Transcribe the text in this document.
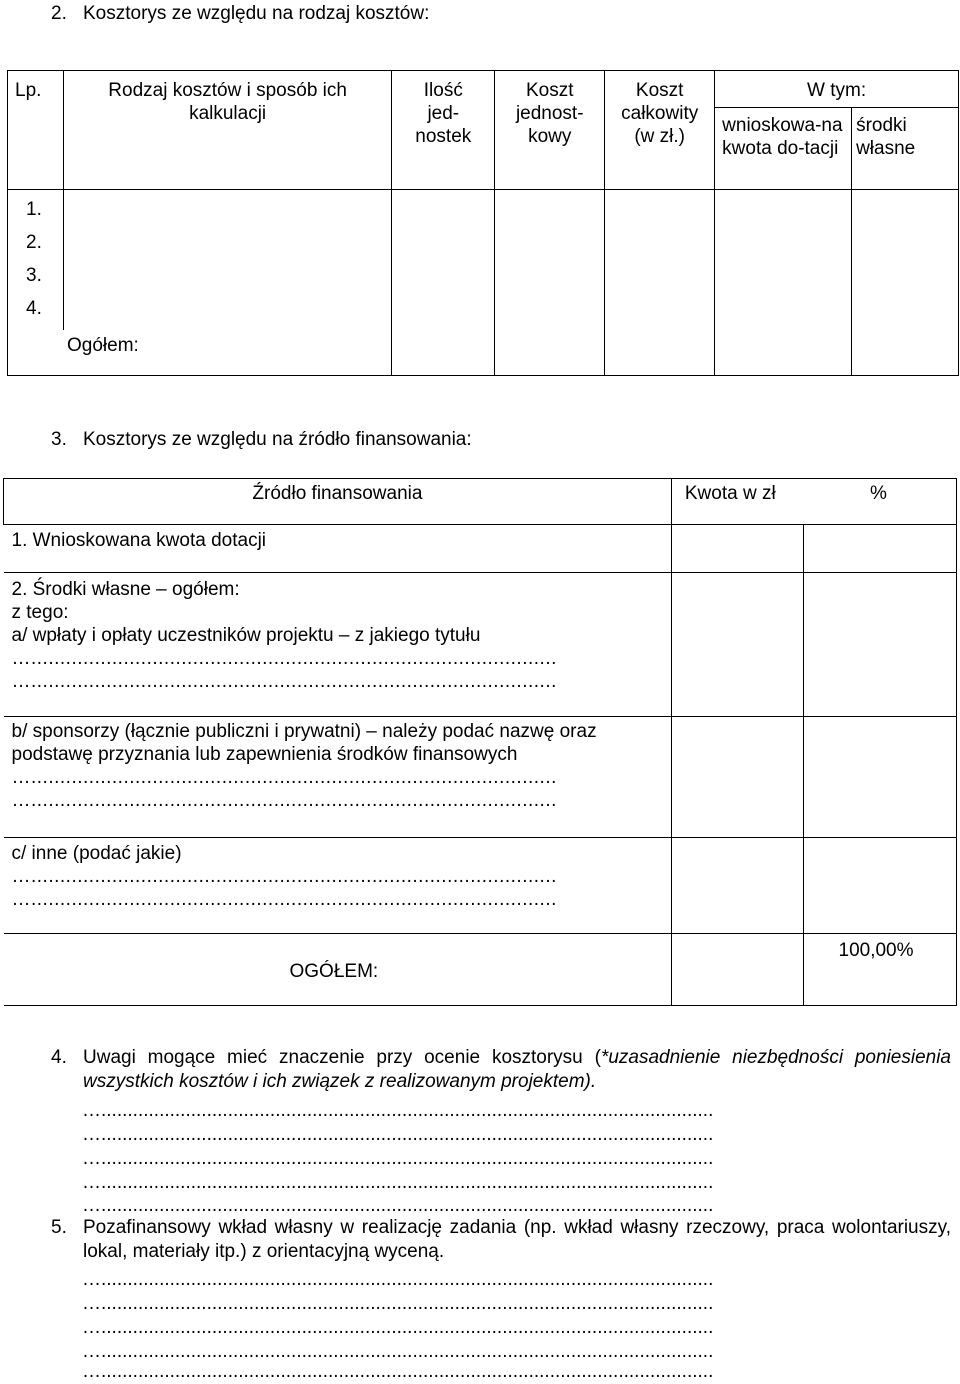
2. Kosztorys ze względu na rodzaj kosztów:
Lp.	Rodzaj kosztów i sposób ich kalkulacji	Ilość jed-nostek	Koszt jednost-kowy	Koszt całkowity (w zł.)	W tym:	
					wnioskowa-na kwota do-tacji	środki własne
1.						
2.						
3.						
4.						
Ogółem:						
3. Kosztorys ze względu na źródło finansowania:
Źródło finansowania	Kwota w zł	%
1. Wnioskowana kwota dotacji		

2. Środki własne – ogółem:
z tego:
a/ wpłaty i opłaty uczestników projektu – z jakiego tytułu
…...........................................................................................
…...........................................................................................		

b/ sponsorzy (łącznie publiczni i prywatni) – należy podać nazwę oraz podstawę przyznania lub zapewnienia środków finansowych
…...........................................................................................
…...........................................................................................		

c/ inne (podać jakie)
…...........................................................................................
…...........................................................................................		

OGÓŁEM:		100,00%
4. Uwagi mogące mieć znaczenie przy ocenie kosztorysu (*uzasadnienie niezbędności poniesienia wszystkich kosztów i ich związek z realizowanym projektem).
…....................................................................................................................
…....................................................................................................................
…....................................................................................................................
…....................................................................................................................
…....................................................................................................................
5. Pozafinansowy wkład własny w realizację zadania (np. wkład własny rzeczowy, praca wolontariuszy, lokal, materiały itp.) z orientacyjną wyceną.
…....................................................................................................................
…....................................................................................................................
…....................................................................................................................
…....................................................................................................................
…....................................................................................................................
